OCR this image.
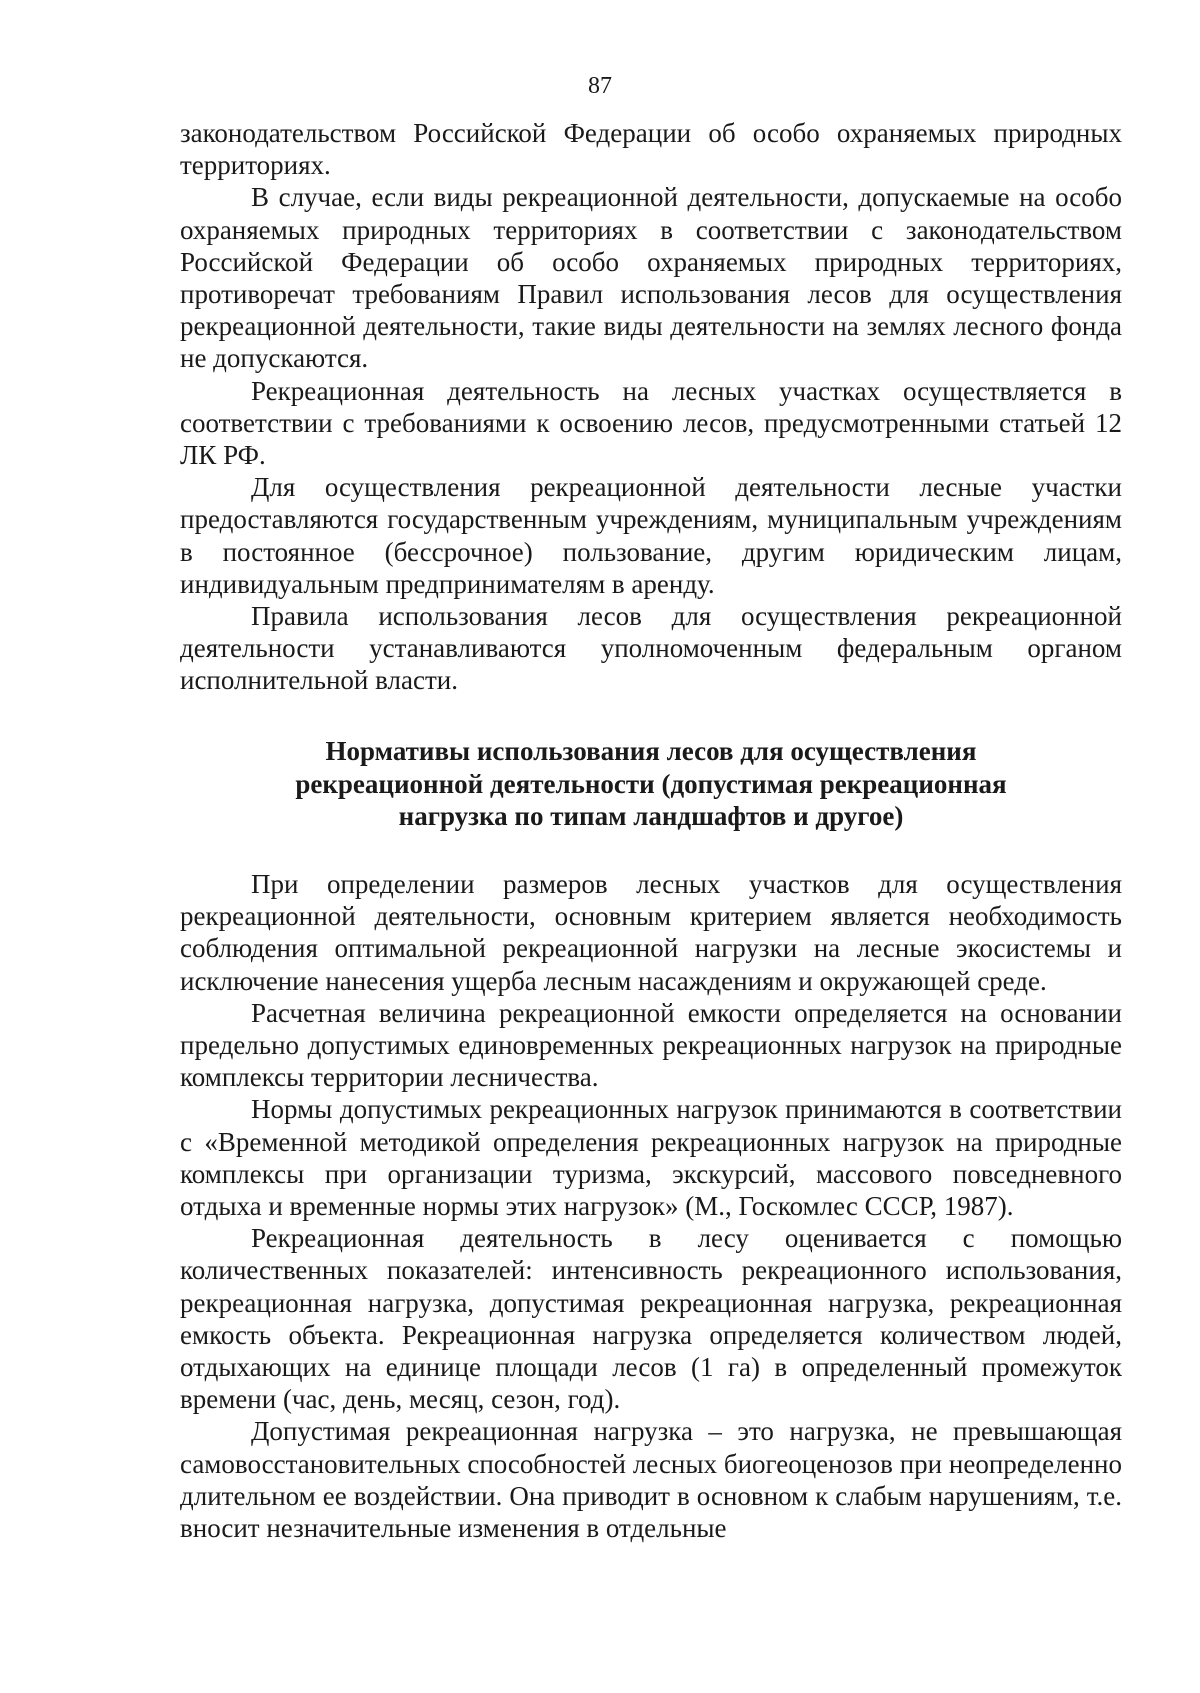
87

законодательством Российской Федерации об особо охраняемых природных территориях.

В случае, если виды рекреационной деятельности, допускаемые на особо охраняемых природных территориях в соответствии с законодательством Российской Федерации об особо охраняемых природных территориях, противоречат требованиям Правил использования лесов для осуществления рекреационной деятельности, такие виды деятельности на землях лесного фонда не допускаются.

Рекреационная деятельность на лесных участках осуществляется в соответствии с требованиями к освоению лесов, предусмотренными статьей 12 ЛК РФ.

Для осуществления рекреационной деятельности лесные участки предоставляются государственным учреждениям, муниципальным учреждениям в постоянное (бессрочное) пользование, другим юридическим лицам, индивидуальным предпринимателям в аренду.

Правила использования лесов для осуществления рекреационной деятельности устанавливаются уполномоченным федеральным органом исполнительной власти.

Нормативы использования лесов для осуществления
рекреационной деятельности (допустимая рекреационная
нагрузка по типам ландшафтов и другое)

При определении размеров лесных участков для осуществления рекреационной деятельности, основным критерием является необходимость соблюдения оптимальной рекреационной нагрузки на лесные экосистемы и исключение нанесения ущерба лесным насаждениям и окружающей среде.

Расчетная величина рекреационной емкости определяется на основании предельно допустимых единовременных рекреационных нагрузок на природные комплексы территории лесничества.

Нормы допустимых рекреационных нагрузок принимаются в соответствии с «Временной методикой определения рекреационных нагрузок на природные комплексы при организации туризма, экскурсий, массового повседневного отдыха и временные нормы этих нагрузок» (М., Госкомлес СССР, 1987).

Рекреационная деятельность в лесу оценивается с помощью количественных показателей: интенсивность рекреационного использования, рекреационная нагрузка, допустимая рекреационная нагрузка, рекреационная емкость объекта. Рекреационная нагрузка определяется количеством людей, отдыхающих на единице площади лесов (1 га) в определенный промежуток времени (час, день, месяц, сезон, год).

Допустимая рекреационная нагрузка – это нагрузка, не превышающая самовосстановительных способностей лесных биогеоценозов при неопределенно длительном ее воздействии. Она приводит в основном к слабым нарушениям, т.е. вносит незначительные изменения в отдельные
